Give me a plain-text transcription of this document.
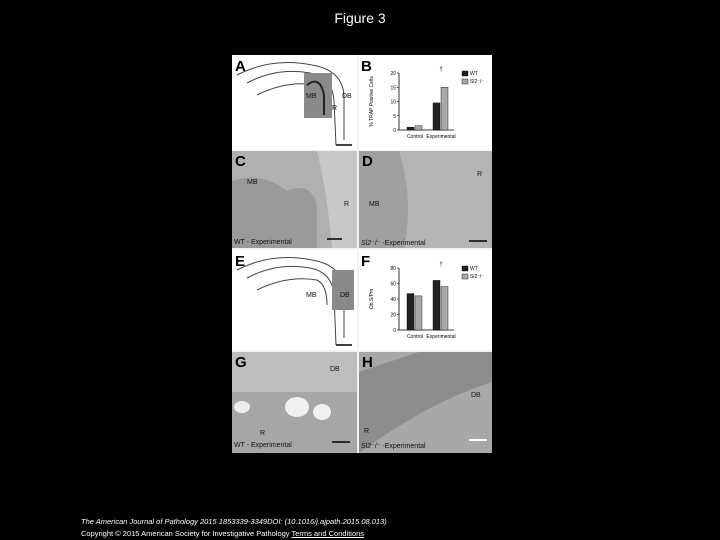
Figure 3
A
MB	DB
R
B	20
15
10
5
0
% TRAP Positive Cells
Control Experimental
†
WT
Sl2⁻/⁻
C
MB
R
WT - Experimental
D
MB
R
Sl2⁻/⁻ -Experimental
E
MB	DB
F	80
60
40
20
0
Ob.S/Pm
Control Experimental
†
WT
Sl2⁻/⁻
G	DB
R
WT - Experimental
H
DB
R
Sl2⁻/⁻ -Experimental
The American Journal of Pathology 2015 1853339-3349DOI: (10.1016/j.ajpath.2015.08.013)
Copyright © 2015 American Society for Investigative Pathology Terms and Conditions
